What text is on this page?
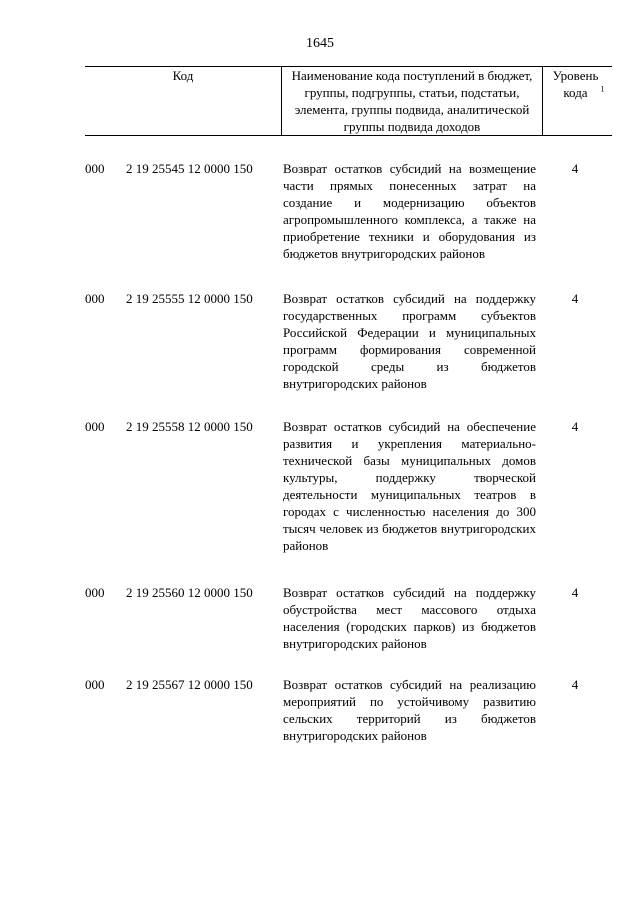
1645
Код	Наименование кода поступлений в бюджет, группы, подгруппы, статьи, подстатьи, элемента, группы подвида, аналитической группы подвида доходов
Уровень кода $^1$
000 2 19 25545 12 0000 150 Возврат остатков субсидий на возмещение части прямых понесенных затрат на создание и модернизацию объектов агропромышленного комплекса, а также на приобретение техники и оборудования из бюджетов внутригородских районов
4
000 2 19 25555 12 0000 150 Возврат остатков субсидий на поддержку государственных программ субъектов Российской Федерации и муниципальных программ формирования современной городской среды из бюджетов внутригородских районов
4
000 2 19 25558 12 0000 150 Возврат остатков субсидий на обеспечение развития и укрепления материально-технической базы муниципальных домов культуры, поддержку творческой деятельности муниципальных театров в городах с численностью населения до 300 тысяч человек из бюджетов внутригородских районов
4
000 2 19 25560 12 0000 150 Возврат остатков субсидий на поддержку обустройства мест массового отдыха населения (городских парков) из бюджетов внутригородских районов
4
000 2 19 25567 12 0000 150 Возврат остатков субсидий на реализацию мероприятий по устойчивому развитию сельских территорий из бюджетов внутригородских районов
4
